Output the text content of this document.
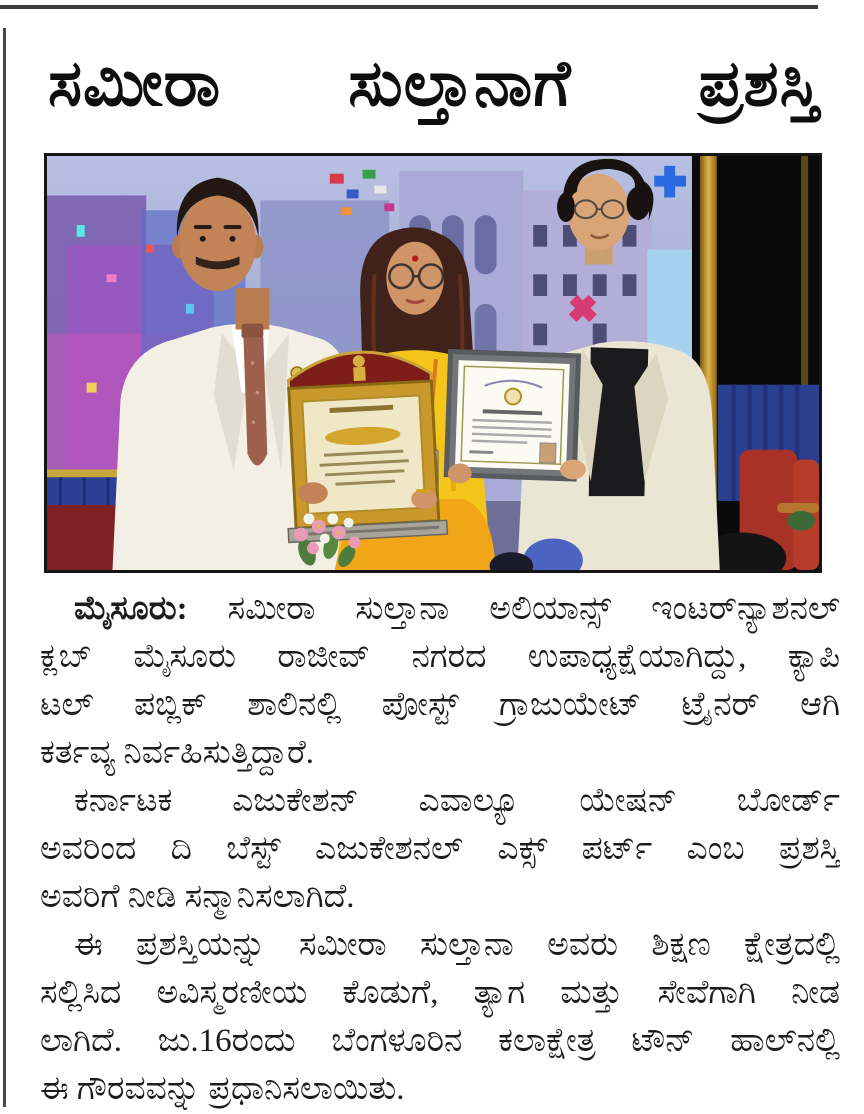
ಸಮೀರಾ ಸುಲ್ತಾನಾಗೆ ಪ್ರಶಸ್ತಿ
ಮೈಸೂರು: ಸಮೀರಾ ಸುಲ್ತಾನಾ ಅಲಿಯಾನ್ಸ್ ಇಂಟರ್‌ನ್ಯಾಶನಲ್
ಕ್ಲಬ್ ಮೈಸೂರು ರಾಜೀವ್ ನಗರದ ಉಪಾಧ್ಯಕ್ಷೆಯಾಗಿದ್ದು, ಕ್ಯಾಪಿ
ಟಲ್ ಪಬ್ಲಿಕ್ ಶಾಲಿನಲ್ಲಿ ಪೋಸ್ಟ್ ಗ್ರಾಜುಯೇಟ್ ಟ್ರೈನರ್ ಆಗಿ
ಕರ್ತವ್ಯ ನಿರ್ವಹಿಸುತ್ತಿದ್ದಾರೆ.
ಕರ್ನಾಟಕ ಎಜುಕೇಶನ್ ಎವಾಲ್ಯೂ ಯೇಷನ್ ಬೋರ್ಡ್
ಅವರಿಂದ ದಿ ಬೆಸ್ಟ್ ಎಜುಕೇಶನಲ್ ಎಕ್ಸ್ ಪರ್ಟ್ ಎಂಬ ಪ್ರಶಸ್ತಿ
ಅವರಿಗೆ ನೀಡಿ ಸನ್ಮಾನಿಸಲಾಗಿದೆ.
ಈ ಪ್ರಶಸ್ತಿಯನ್ನು ಸಮೀರಾ ಸುಲ್ತಾನಾ ಅವರು ಶಿಕ್ಷಣ ಕ್ಷೇತ್ರದಲ್ಲಿ
ಸಲ್ಲಿಸಿದ ಅವಿಸ್ಮರಣೀಯ ಕೊಡುಗೆ, ತ್ಯಾಗ ಮತ್ತು ಸೇವೆಗಾಗಿ ನೀಡ
ಲಾಗಿದೆ. ಜು.16ರಂದು ಬೆಂಗಳೂರಿನ ಕಲಾಕ್ಷೇತ್ರ ಟೌನ್ ಹಾಲ್‌ನಲ್ಲಿ
ಈ ಗೌರವವನ್ನು ಪ್ರಧಾನಿಸಲಾಯಿತು.
